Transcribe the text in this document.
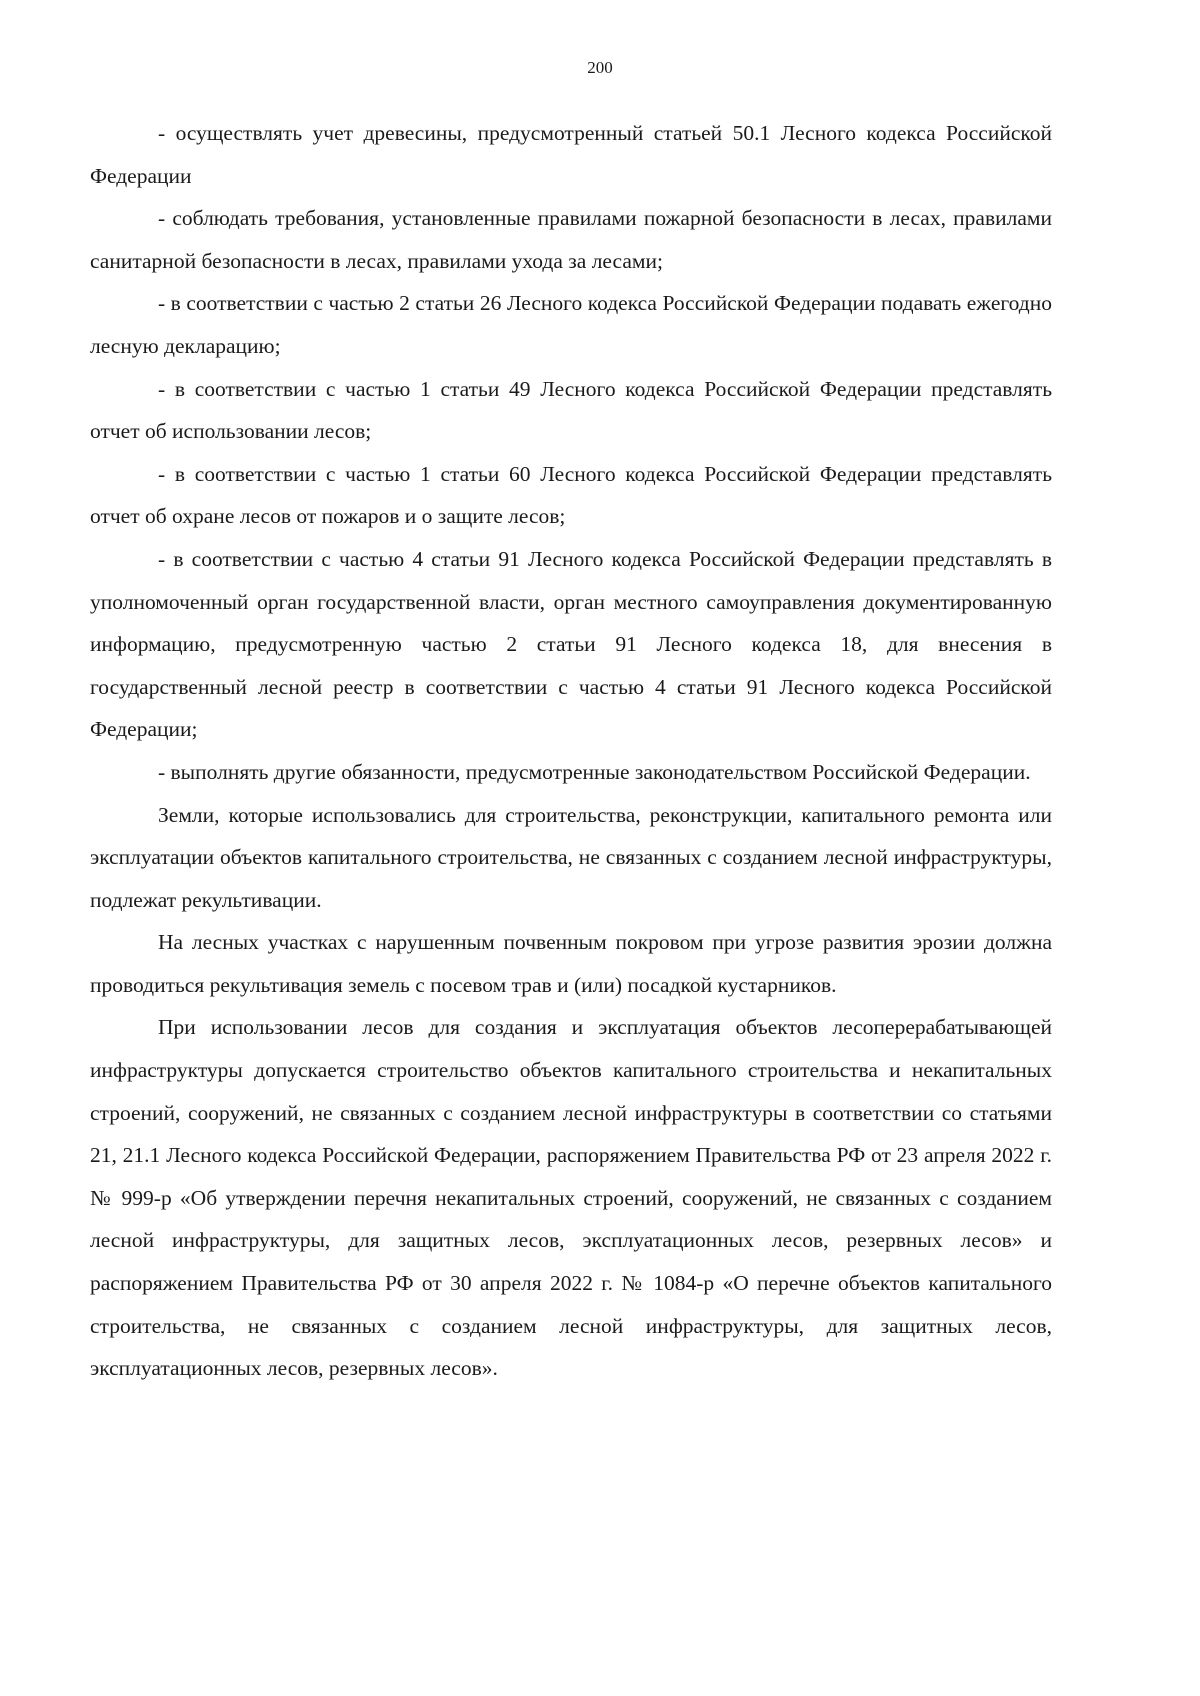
200

- осуществлять учет древесины, предусмотренный статьей 50.1 Лесного кодекса Российской Федерации

- соблюдать требования, установленные правилами пожарной безопасности в лесах, правилами санитарной безопасности в лесах, правилами ухода за лесами;

- в соответствии с частью 2 статьи 26 Лесного кодекса Российской Федерации подавать ежегодно лесную декларацию;

- в соответствии с частью 1 статьи 49 Лесного кодекса Российской Федерации представлять отчет об использовании лесов;

- в соответствии с частью 1 статьи 60 Лесного кодекса Российской Федерации представлять отчет об охране лесов от пожаров и о защите лесов;

- в соответствии с частью 4 статьи 91 Лесного кодекса Российской Федерации представлять в уполномоченный орган государственной власти, орган местного самоуправления документированную информацию, предусмотренную частью 2 статьи 91 Лесного кодекса 18, для внесения в государственный лесной реестр в соответствии с частью 4 статьи 91 Лесного кодекса Российской Федерации;

- выполнять другие обязанности, предусмотренные законодательством Российской Федерации.

Земли, которые использовались для строительства, реконструкции, капитального ремонта или эксплуатации объектов капитального строительства, не связанных с созданием лесной инфраструктуры, подлежат рекультивации.

На лесных участках с нарушенным почвенным покровом при угрозе развития эрозии должна проводиться рекультивация земель с посевом трав и (или) посадкой кустарников.

При использовании лесов для создания и эксплуатация объектов лесоперерабатывающей инфраструктуры допускается строительство объектов капитального строительства и некапитальных строений, сооружений, не связанных с созданием лесной инфраструктуры в соответствии со статьями 21, 21.1 Лесного кодекса Российской Федерации, распоряжением Правительства РФ от 23 апреля 2022 г. № 999-р «Об утверждении перечня некапитальных строений, сооружений, не связанных с созданием лесной инфраструктуры, для защитных лесов, эксплуатационных лесов, резервных лесов» и распоряжением Правительства РФ от 30 апреля 2022 г. № 1084-р «О перечне объектов капитального строительства, не связанных с созданием лесной инфраструктуры, для защитных лесов, эксплуатационных лесов, резервных лесов».
